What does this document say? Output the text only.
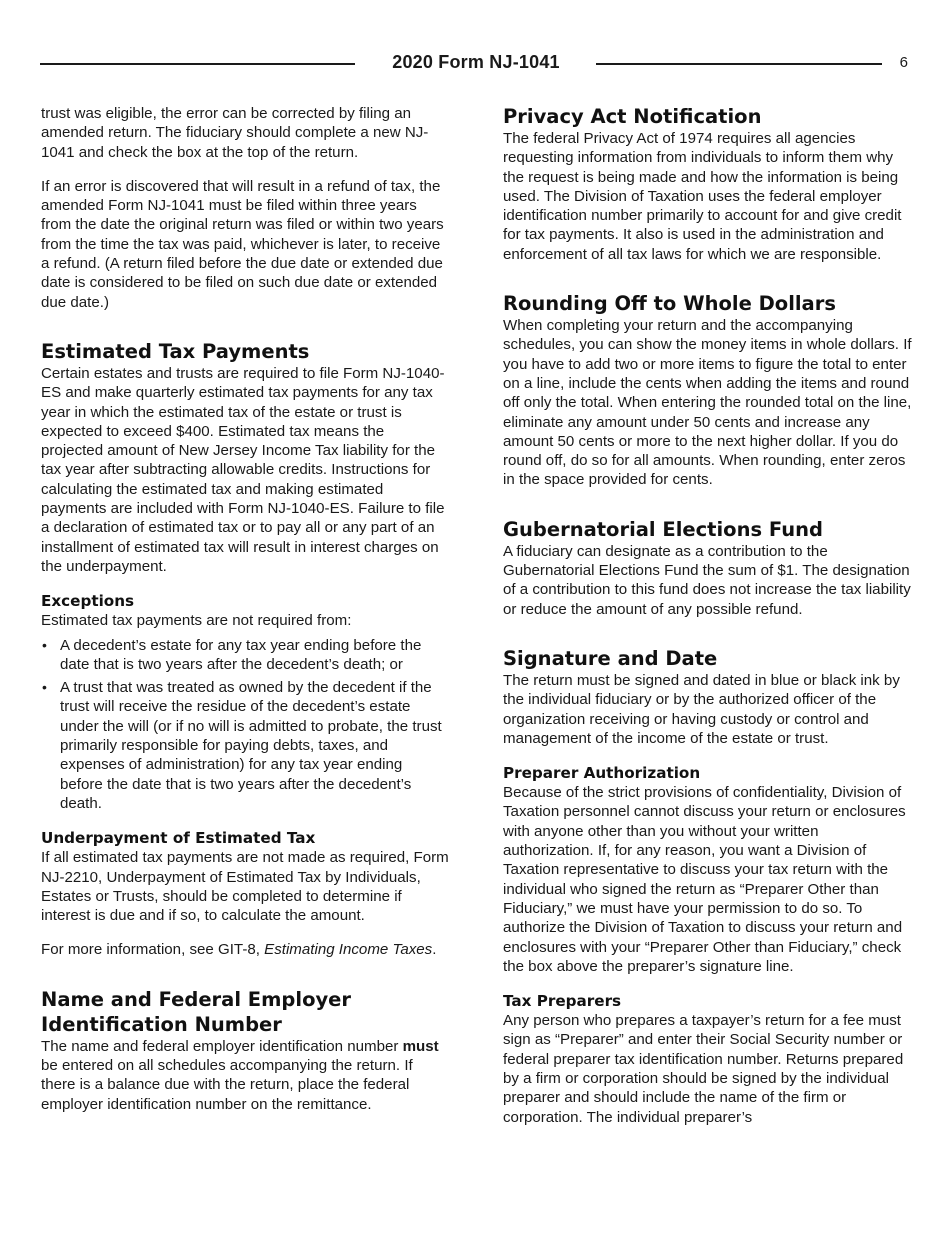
2020 Form NJ-1041	6

trust was eligible, the error can be corrected by filing an amended return. The fiduciary should complete a new NJ-1041 and check the box at the top of the return.

If an error is discovered that will result in a refund of tax, the amended Form NJ-1041 must be filed within three years from the date the original return was filed or within two years from the time the tax was paid, whichever is later, to receive a refund. (A return filed before the due date or extended due date is considered to be filed on such due date or extended due date.)

Estimated Tax Payments

Certain estates and trusts are required to file Form NJ-1040-ES and make quarterly estimated tax payments for any tax year in which the estimated tax of the estate or trust is expected to exceed $400. Estimated tax means the projected amount of New Jersey Income Tax liability for the tax year after subtracting allowable credits. Instructions for calculating the estimated tax and making estimated payments are included with Form NJ-1040-ES. Failure to file a declaration of estimated tax or to pay all or any part of an installment of estimated tax will result in interest charges on the underpayment.

Exceptions

Estimated tax payments are not required from:

• A decedent’s estate for any tax year ending before the date that is two years after the decedent’s death; or
• A trust that was treated as owned by the decedent if the trust will receive the residue of the decedent’s estate under the will (or if no will is admitted to probate, the trust primarily responsible for paying debts, taxes, and expenses of administration) for any tax year ending before the date that is two years after the decedent’s death.
Underpayment of Estimated Tax

If all estimated tax payments are not made as required, Form NJ-2210, Underpayment of Estimated Tax by Individuals, Estates or Trusts, should be completed to determine if interest is due and if so, to calculate the amount.

For more information, see GIT-8, Estimating Income Taxes.

Name and Federal Employer Identification Number

The name and federal employer identification number must be entered on all schedules accompanying the return. If there is a balance due with the return, place the federal employer identification number on the remittance.

Privacy Act Notification

The federal Privacy Act of 1974 requires all agencies requesting information from individuals to inform them why the request is being made and how the information is being used. The Division of Taxation uses the federal employer identification number primarily to account for and give credit for tax payments. It also is used in the administration and enforcement of all tax laws for which we are responsible.

Rounding Off to Whole Dollars

When completing your return and the accompanying schedules, you can show the money items in whole dollars. If you have to add two or more items to figure the total to enter on a line, include the cents when adding the items and round off only the total. When entering the rounded total on the line, eliminate any amount under 50 cents and increase any amount 50 cents or more to the next higher dollar. If you do round off, do so for all amounts. When rounding, enter zeros in the space provided for cents.

Gubernatorial Elections Fund

A fiduciary can designate as a contribution to the Gubernatorial Elections Fund the sum of $1. The designation of a contribution to this fund does not increase the tax liability or reduce the amount of any possible refund.

Signature and Date

The return must be signed and dated in blue or black ink by the individual fiduciary or by the authorized officer of the organization receiving or having custody or control and management of the income of the estate or trust.

Preparer Authorization

Because of the strict provisions of confidentiality, Division of Taxation personnel cannot discuss your return or enclosures with anyone other than you without your written authorization. If, for any reason, you want a Division of Taxation representative to discuss your tax return with the individual who signed the return as “Preparer Other than Fiduciary,” we must have your permission to do so. To authorize the Division of Taxation to discuss your return and enclosures with your “Preparer Other than Fiduciary,” check the box above the preparer’s signature line.

Tax Preparers

Any person who prepares a taxpayer’s return for a fee must sign as “Preparer” and enter their Social Security number or federal preparer tax identification number. Returns prepared by a firm or corporation should be signed by the individual preparer and should include the name of the firm or corporation. The individual preparer’s
